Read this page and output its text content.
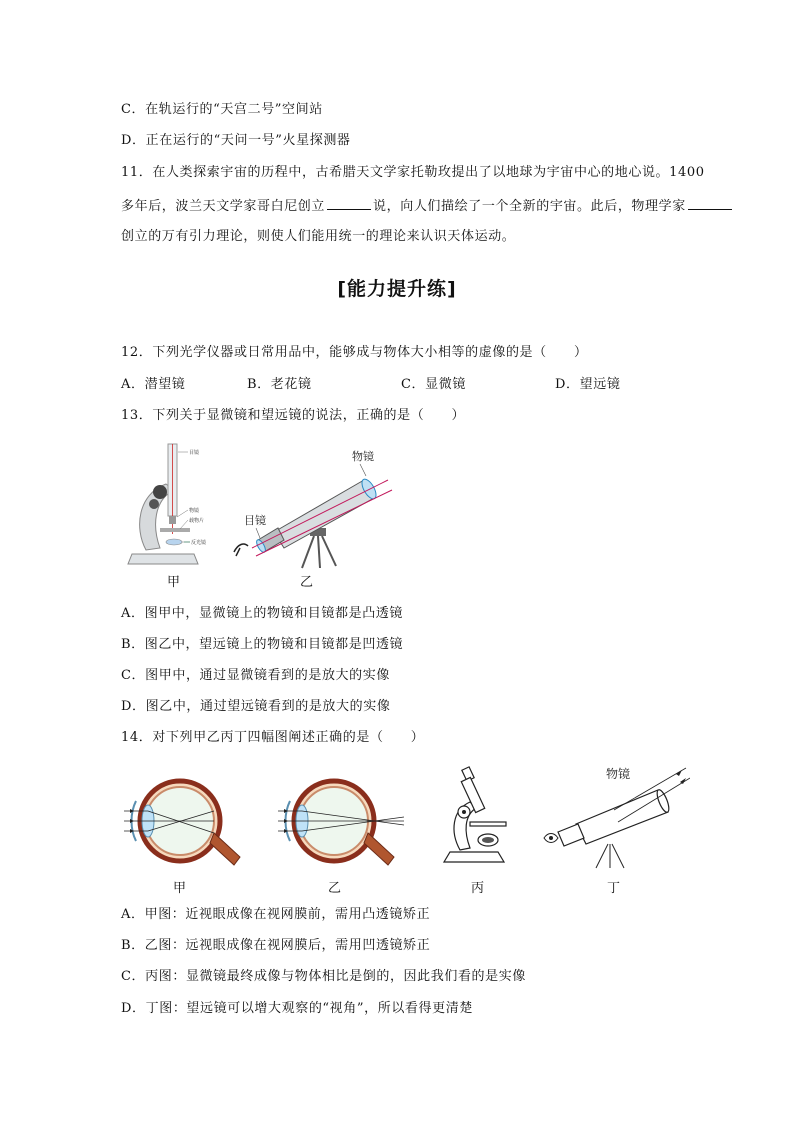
C．在轨运行的“天宫二号”空间站
D．正在运行的“天问一号”火星探测器
11．在人类探索宇宙的历程中，古希腊天文学家托勒玫提出了以地球为宇宙中心的地心说。1400
多年后，波兰天文学家哥白尼创立	说，向人们描绘了一个全新的宇宙。此后，物理学家
创立的万有引力理论，则使人们能用统一的理论来认识天体运动。
[能力提升练]
12．下列光学仪器或日常用品中，能够成与物体大小相等的虚像的是（　　）
A．潜望镜	B．老花镜	C．显微镜	D．望远镜
13．下列关于显微镜和望远镜的说法，正确的是（　　）
目镜
物镜
载物片
反光镜
甲
物镜
目镜
乙
A．图甲中，显微镜上的物镜和目镜都是凸透镜
B．图乙中，望远镜上的物镜和目镜都是凹透镜
C．图甲中，通过显微镜看到的是放大的实像
D．图乙中，通过望远镜看到的是放大的实像
14．对下列甲乙丙丁四幅图阐述正确的是（　　）
甲	乙	丙
物镜
丁
A．甲图：近视眼成像在视网膜前，需用凸透镜矫正
B．乙图：远视眼成像在视网膜后，需用凹透镜矫正
C．丙图：显微镜最终成像与物体相比是倒的，因此我们看的是实像
D．丁图：望远镜可以增大观察的“视角”，所以看得更清楚
